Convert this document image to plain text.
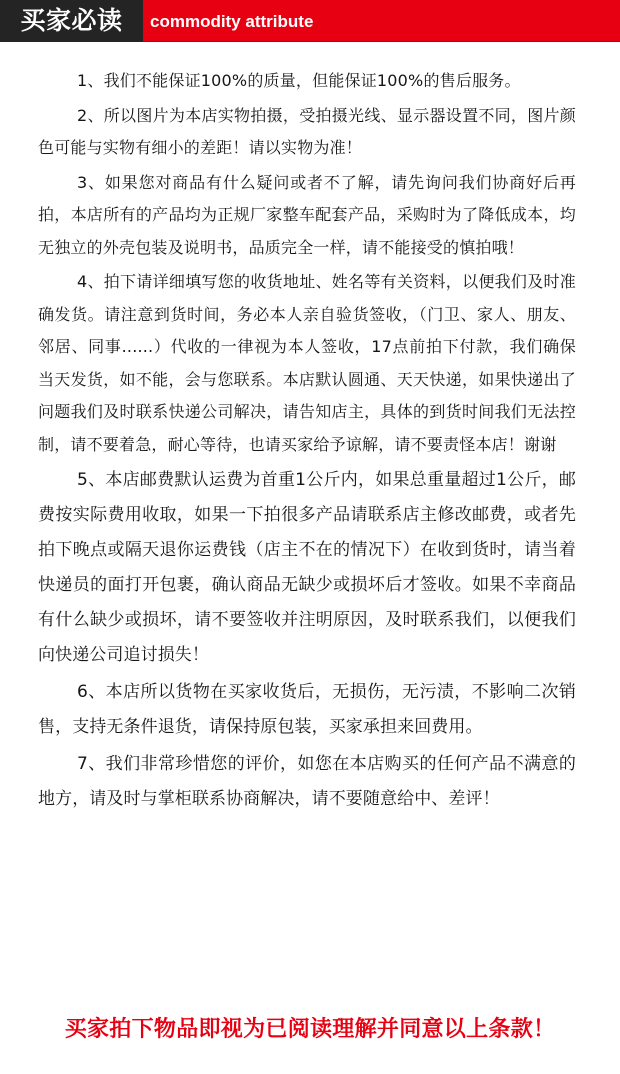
买家必读	commodity attribute

1、我们不能保证100%的质量，但能保证100%的售后服务。

2、所以图片为本店实物拍摄，受拍摄光线、显示器设置不同，图片颜色可能与实物有细小的差距！请以实物为准！

3、如果您对商品有什么疑问或者不了解，请先询问我们协商好后再拍，本店所有的产品均为正规厂家整车配套产品，采购时为了降低成本，均无独立的外壳包装及说明书，品质完全一样，请不能接受的慎拍哦！

4、拍下请详细填写您的收货地址、姓名等有关资料，以便我们及时准确发货。请注意到货时间，务必本人亲自验货签收，（门卫、家人、朋友、邻居、同事......）代收的一律视为本人签收，17点前拍下付款，我们确保当天发货，如不能，会与您联系。本店默认圆通、天天快递，如果快递出了问题我们及时联系快递公司解决，请告知店主，具体的到货时间我们无法控制，请不要着急，耐心等待，也请买家给予谅解，请不要责怪本店！谢谢

5、本店邮费默认运费为首重1公斤内，如果总重量超过1公斤，邮费按实际费用收取，如果一下拍很多产品请联系店主修改邮费，或者先拍下晚点或隔天退你运费钱（店主不在的情况下）在收到货时，请当着快递员的面打开包裹，确认商品无缺少或损坏后才签收。如果不幸商品有什么缺少或损坏，请不要签收并注明原因，及时联系我们，以便我们向快递公司追讨损失！

6、本店所以货物在买家收货后，无损伤，无污渍，不影响二次销售，支持无条件退货，请保持原包装，买家承担来回费用。

7、我们非常珍惜您的评价，如您在本店购买的任何产品不满意的地方，请及时与掌柜联系协商解决，请不要随意给中、差评！

买家拍下物品即视为已阅读理解并同意以上条款！
